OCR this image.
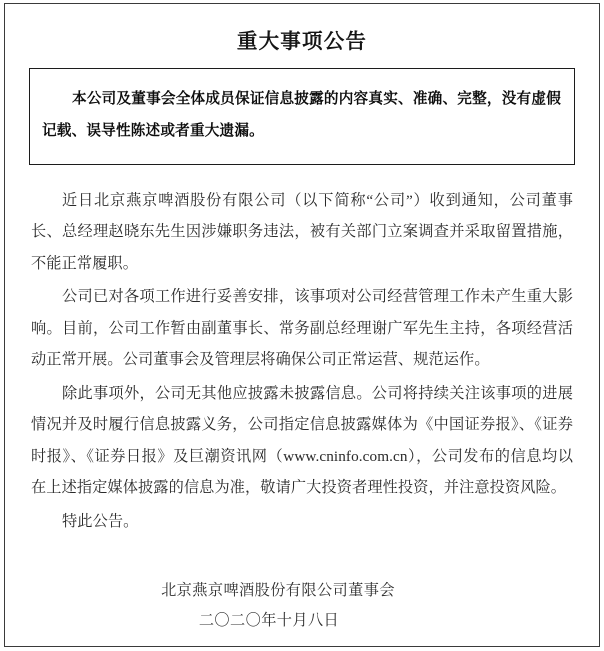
重大事项公告

本公司及董事会全体成员保证信息披露的内容真实、准确、完整，没有虚假记载、误导性陈述或者重大遗漏。

近日北京燕京啤酒股份有限公司（以下简称“公司”）收到通知，公司董事长、总经理赵晓东先生因涉嫌职务违法，被有关部门立案调查并采取留置措施，不能正常履职。

公司已对各项工作进行妥善安排，该事项对公司经营管理工作未产生重大影响。目前，公司工作暂由副董事长、常务副总经理谢广军先生主持，各项经营活动正常开展。公司董事会及管理层将确保公司正常运营、规范运作。

除此事项外，公司无其他应披露未披露信息。公司将持续关注该事项的进展情况并及时履行信息披露义务，公司指定信息披露媒体为《中国证券报》、《证券时报》、《证券日报》及巨潮资讯网（www.cninfo.com.cn），公司发布的信息均以在上述指定媒体披露的信息为准，敬请广大投资者理性投资，并注意投资风险。

特此公告。

北京燕京啤酒股份有限公司董事会
二〇二〇年十月八日
